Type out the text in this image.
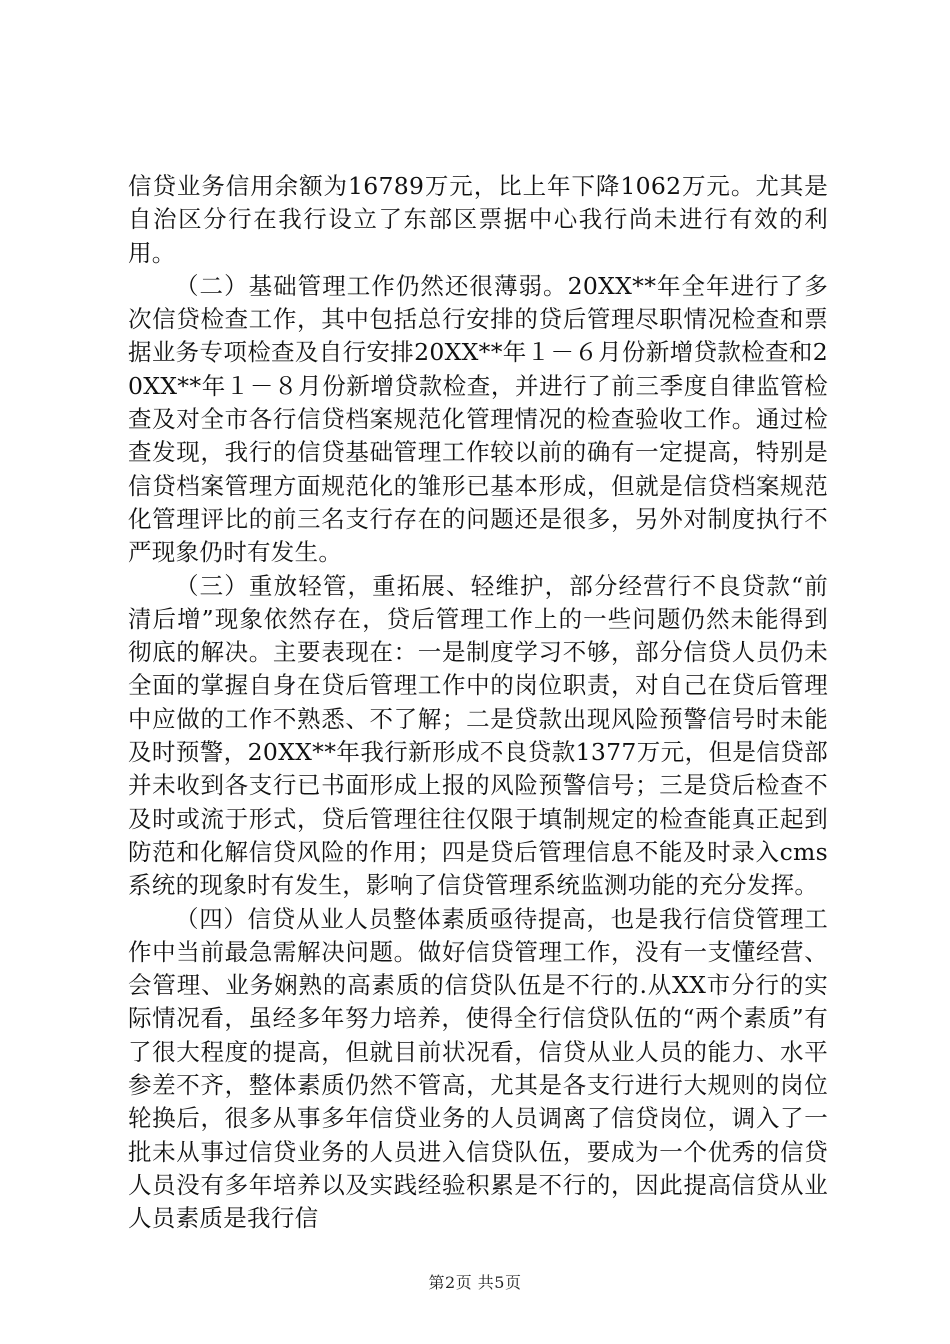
信贷业务信用余额为16789万元，比上年下降1062万元。尤其是自治区分行在我行设立了东部区票据中心我行尚未进行有效的利用。

（二）基础管理工作仍然还很薄弱。20XX**年全年进行了多次信贷检查工作，其中包括总行安排的贷后管理尽职情况检查和票据业务专项检查及自行安排20XX**年１－６月份新增贷款检查和20XX**年１－８月份新增贷款检查，并进行了前三季度自律监管检查及对全市各行信贷档案规范化管理情况的检查验收工作。通过检查发现，我行的信贷基础管理工作较以前的确有一定提高，特别是信贷档案管理方面规范化的雏形已基本形成，但就是信贷档案规范化管理评比的前三名支行存在的问题还是很多，另外对制度执行不严现象仍时有发生。

（三）重放轻管，重拓展、轻维护，部分经营行不良贷款“前清后增”现象依然存在，贷后管理工作上的一些问题仍然未能得到彻底的解决。主要表现在：一是制度学习不够，部分信贷人员仍未全面的掌握自身在贷后管理工作中的岗位职责，对自己在贷后管理中应做的工作不熟悉、不了解；二是贷款出现风险预警信号时未能及时预警，20XX**年我行新形成不良贷款1377万元，但是信贷部并未收到各支行已书面形成上报的风险预警信号；三是贷后检查不及时或流于形式，贷后管理往往仅限于填制规定的检查能真正起到防范和化解信贷风险的作用；四是贷后管理信息不能及时录入cms系统的现象时有发生，影响了信贷管理系统监测功能的充分发挥。

（四）信贷从业人员整体素质亟待提高，也是我行信贷管理工作中当前最急需解决问题。做好信贷管理工作，没有一支懂经营、会管理、业务娴熟的高素质的信贷队伍是不行的.从XX市分行的实际情况看，虽经多年努力培养，使得全行信贷队伍的“两个素质”有了很大程度的提高，但就目前状况看，信贷从业人员的能力、水平参差不齐，整体素质仍然不管高，尤其是各支行进行大规则的岗位轮换后，很多从事多年信贷业务的人员调离了信贷岗位，调入了一批未从事过信贷业务的人员进入信贷队伍，要成为一个优秀的信贷人员没有多年培养以及实践经验积累是不行的，因此提高信贷从业人员素质是我行信

第2页 共5页
